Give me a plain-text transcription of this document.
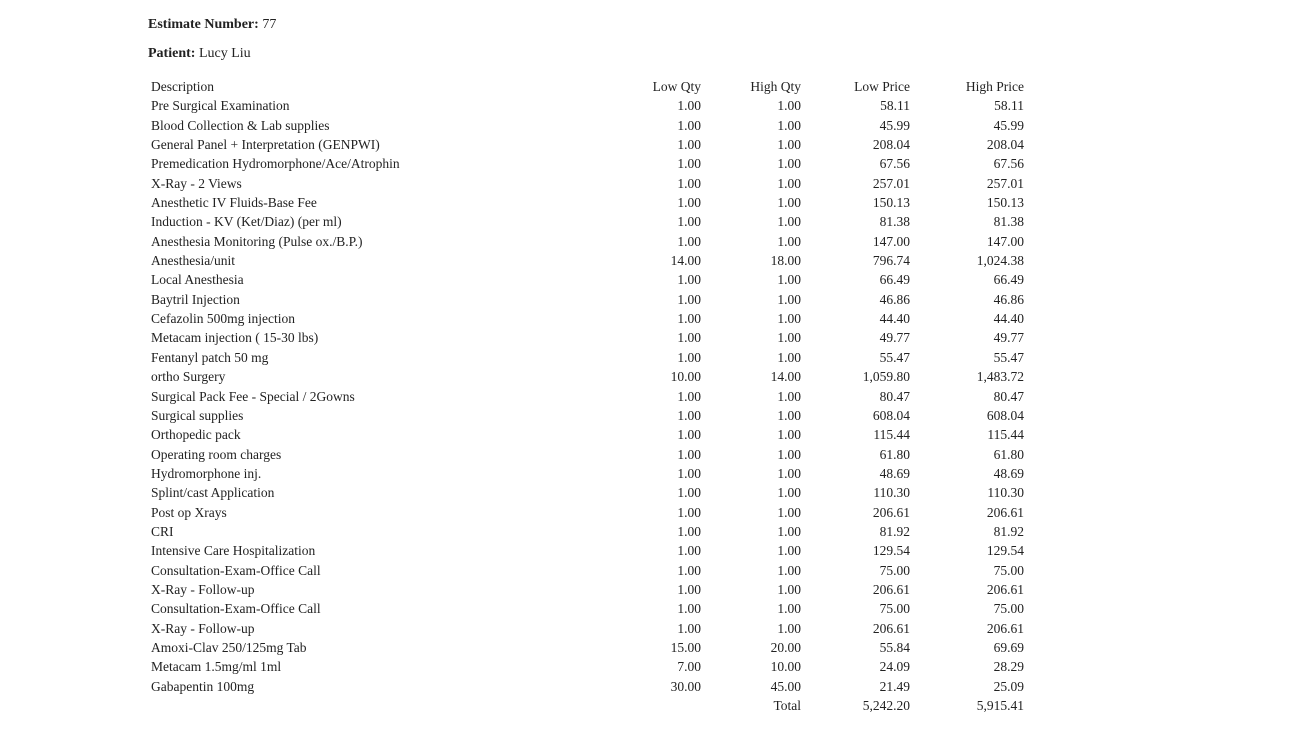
Estimate Number: 77
Patient: Lucy Liu
Description	Low Qty	High Qty	Low Price	High Price
Pre Surgical Examination	1.00	1.00	58.11	58.11
Blood Collection & Lab supplies	1.00	1.00	45.99	45.99
General Panel + Interpretation (GENPWI)	1.00	1.00	208.04	208.04
Premedication Hydromorphone/Ace/Atrophin	1.00	1.00	67.56	67.56
X-Ray - 2 Views	1.00	1.00	257.01	257.01
Anesthetic IV Fluids-Base Fee	1.00	1.00	150.13	150.13
Induction - KV (Ket/Diaz) (per ml)	1.00	1.00	81.38	81.38
Anesthesia Monitoring (Pulse ox./B.P.)	1.00	1.00	147.00	147.00
Anesthesia/unit	14.00	18.00	796.74	1,024.38
Local Anesthesia	1.00	1.00	66.49	66.49
Baytril Injection	1.00	1.00	46.86	46.86
Cefazolin 500mg injection	1.00	1.00	44.40	44.40
Metacam injection ( 15-30 lbs)	1.00	1.00	49.77	49.77
Fentanyl patch 50 mg	1.00	1.00	55.47	55.47
ortho Surgery	10.00	14.00	1,059.80	1,483.72
Surgical Pack Fee - Special / 2Gowns	1.00	1.00	80.47	80.47
Surgical supplies	1.00	1.00	608.04	608.04
Orthopedic pack	1.00	1.00	115.44	115.44
Operating room charges	1.00	1.00	61.80	61.80
Hydromorphone inj.	1.00	1.00	48.69	48.69
Splint/cast Application	1.00	1.00	110.30	110.30
Post op Xrays	1.00	1.00	206.61	206.61
CRI	1.00	1.00	81.92	81.92
Intensive Care Hospitalization	1.00	1.00	129.54	129.54
Consultation-Exam-Office Call	1.00	1.00	75.00	75.00
X-Ray - Follow-up	1.00	1.00	206.61	206.61
Consultation-Exam-Office Call	1.00	1.00	75.00	75.00
X-Ray - Follow-up	1.00	1.00	206.61	206.61
Amoxi-Clav 250/125mg Tab	15.00	20.00	55.84	69.69
Metacam 1.5mg/ml 1ml	7.00	10.00	24.09	28.29
Gabapentin 100mg	30.00	45.00	21.49	25.09
		Total	5,242.20	5,915.41
